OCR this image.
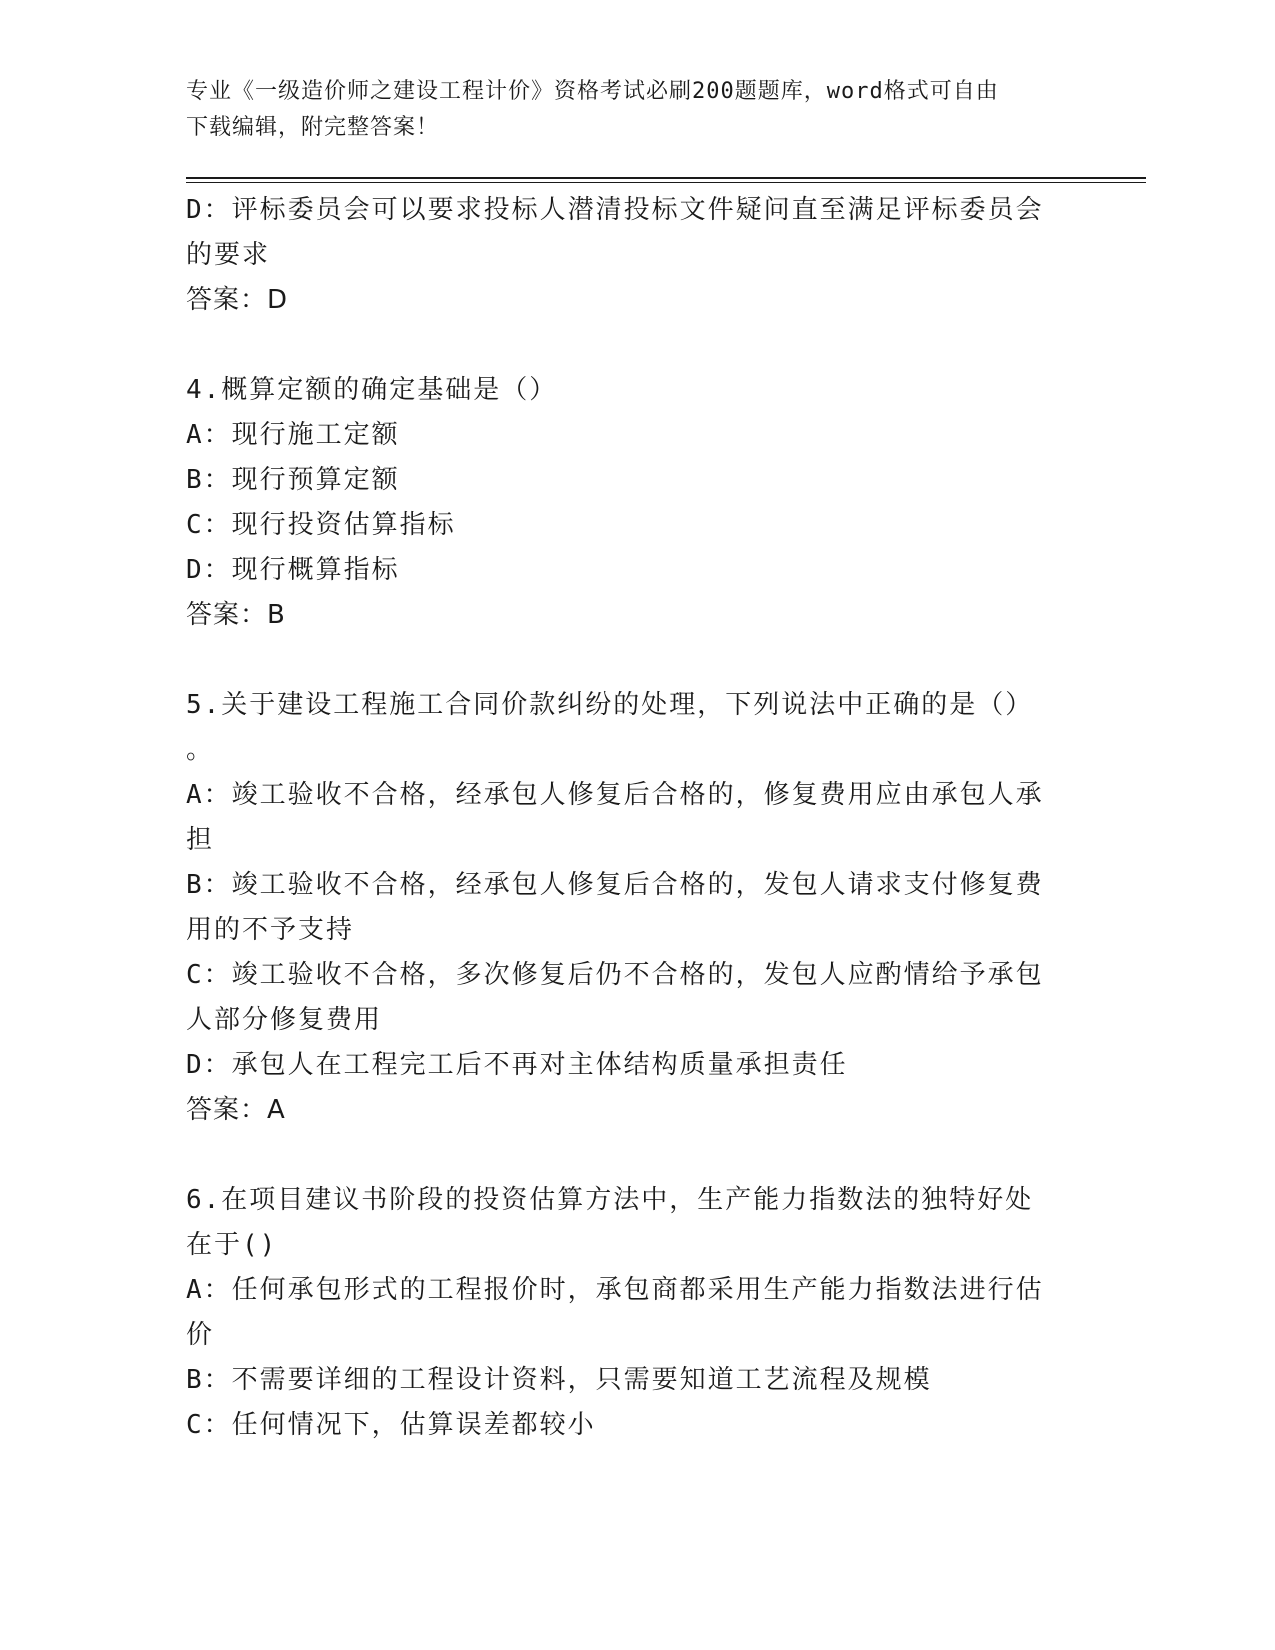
专业《一级造价师之建设工程计价》资格考试必刷200题题库，word格式可自由
下载编辑，附完整答案！
D：评标委员会可以要求投标人潜清投标文件疑问直至满足评标委员会
的要求
答案：D
4.概算定额的确定基础是（）
A：现行施工定额
B：现行预算定额
C：现行投资估算指标
D：现行概算指标
答案：B
5.关于建设工程施工合同价款纠纷的处理，下列说法中正确的是（）
。
A：竣工验收不合格，经承包人修复后合格的，修复费用应由承包人承
担
B：竣工验收不合格，经承包人修复后合格的，发包人请求支付修复费
用的不予支持
C：竣工验收不合格，多次修复后仍不合格的，发包人应酌情给予承包
人部分修复费用
D：承包人在工程完工后不再对主体结构质量承担责任
答案：A
6.在项目建议书阶段的投资估算方法中，生产能力指数法的独特好处
在于()
A：任何承包形式的工程报价时，承包商都采用生产能力指数法进行估
价
B：不需要详细的工程设计资料，只需要知道工艺流程及规模
C：任何情况下，估算误差都较小
